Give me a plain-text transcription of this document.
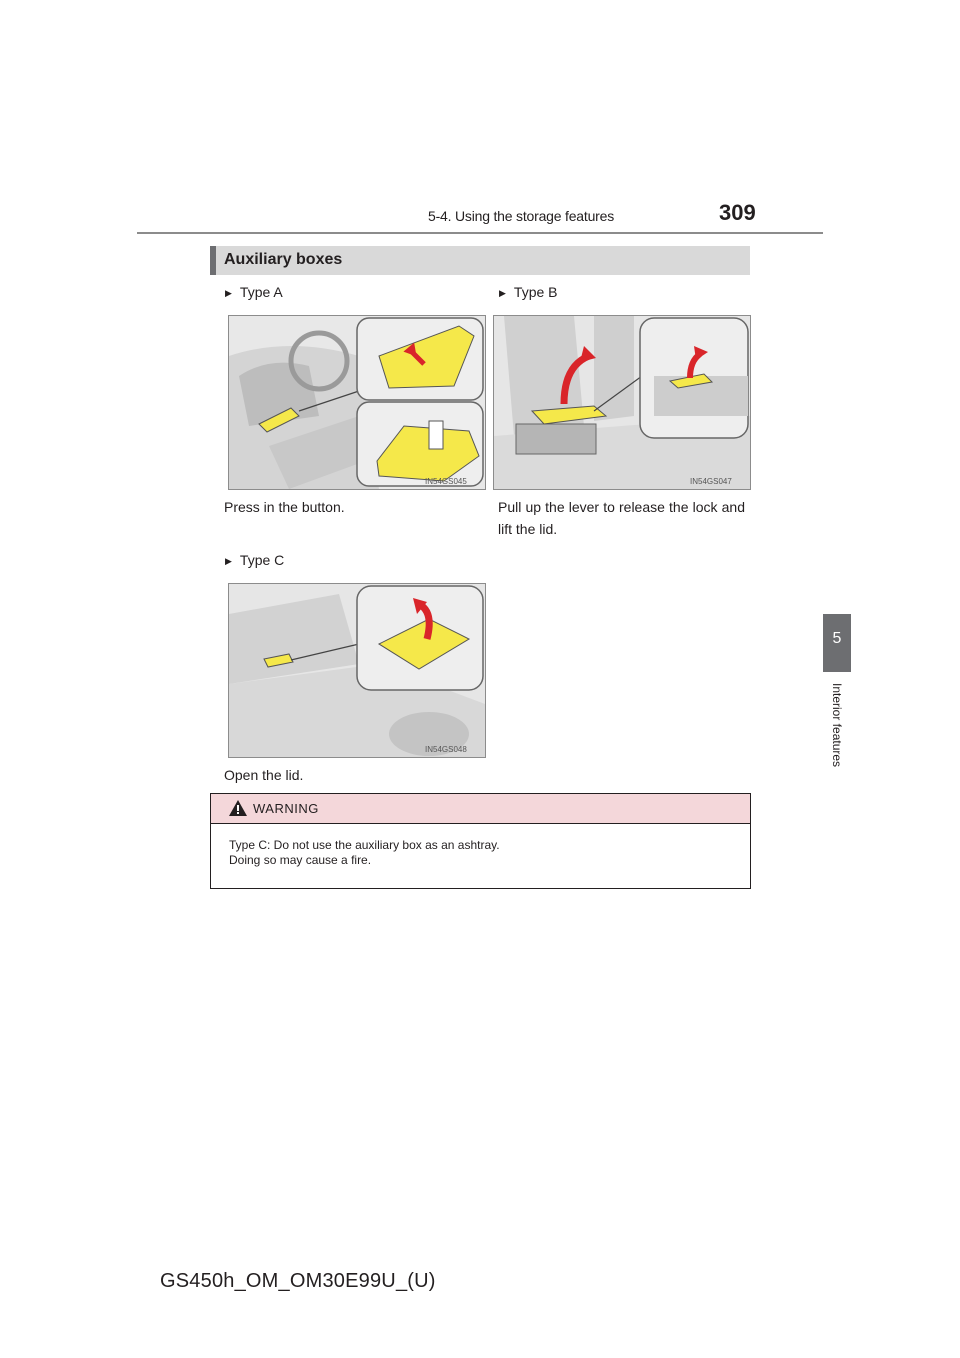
5-4. Using the storage features	309
Auxiliary boxes
▶ Type A
IN54GS045
Press in the button.
▶ Type B
IN54GS047
Pull up the lever to release the lock and lift the lid.
▶ Type C
IN54GS048
Open the lid.
WARNING
Type C: Do not use the auxiliary box as an ashtray.
Doing so may cause a fire.
5
Interior features
GS450h_OM_OM30E99U_(U)
